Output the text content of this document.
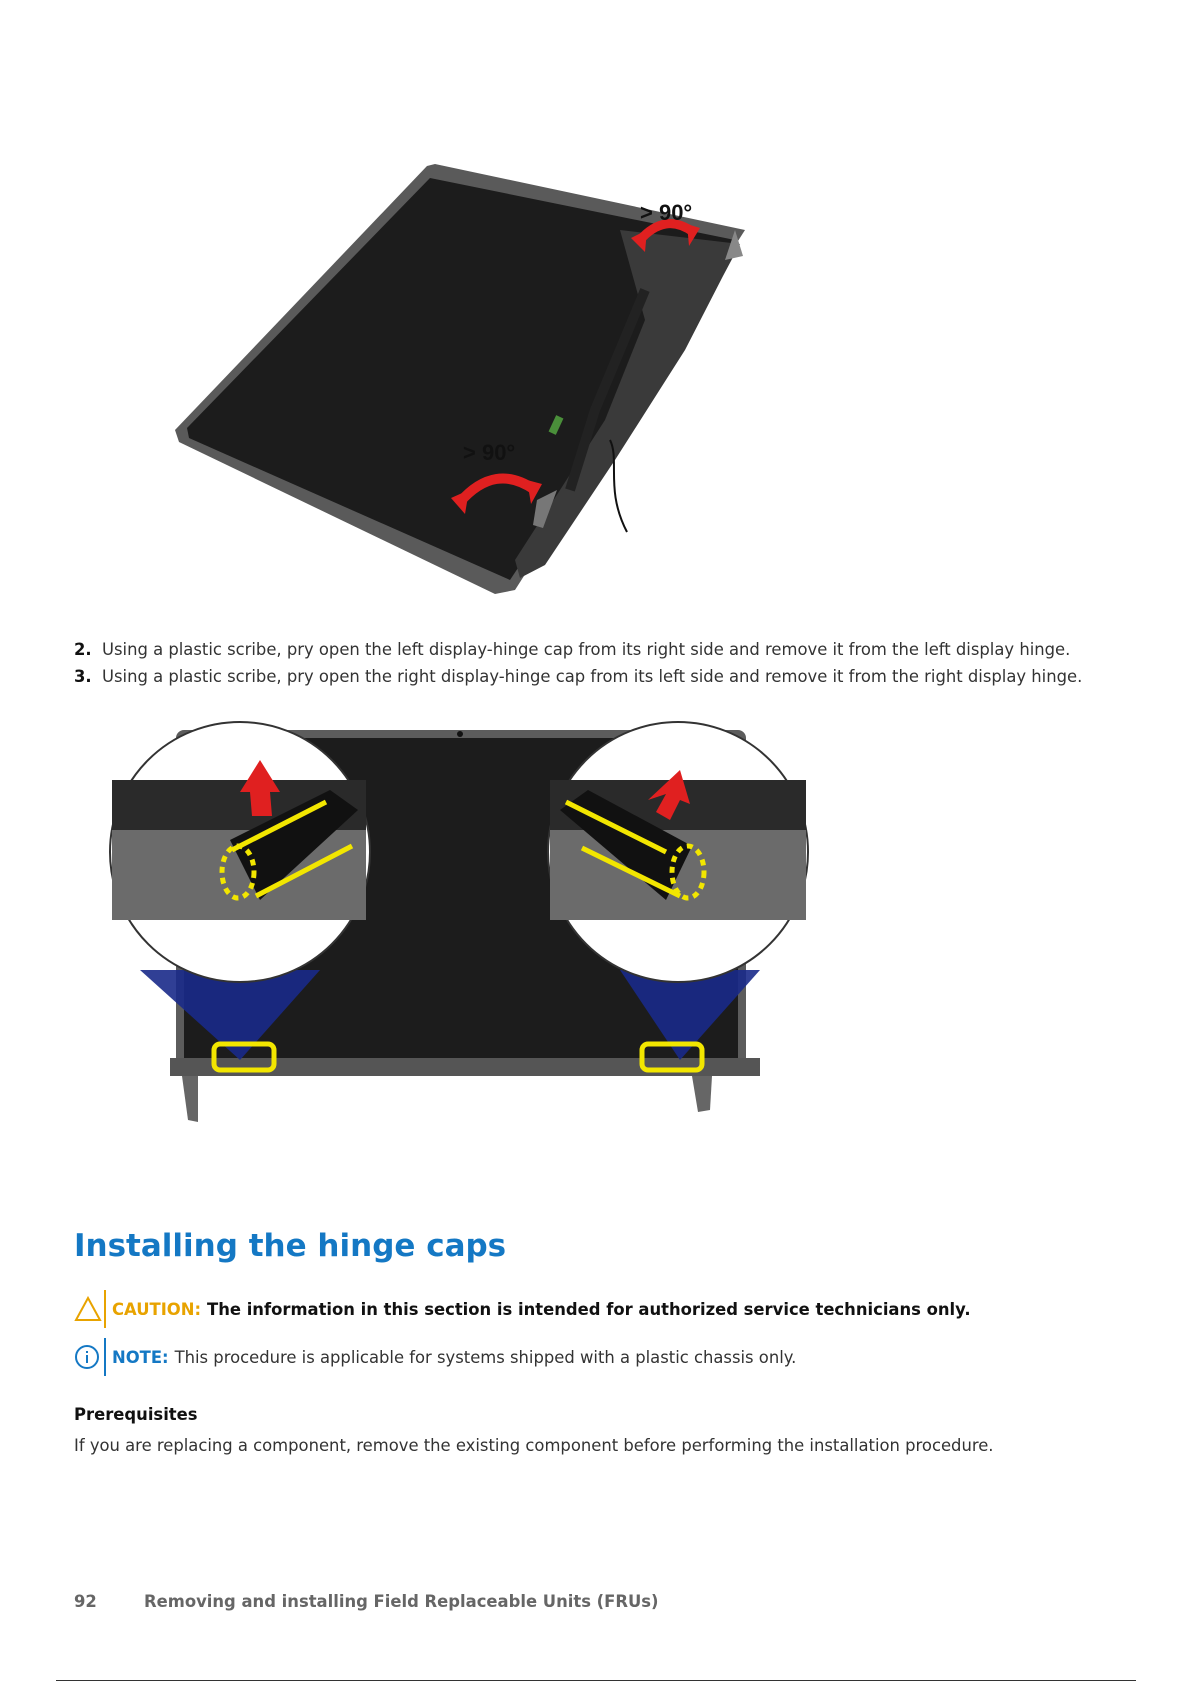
> 90°
> 90°
2. Using a plastic scribe, pry open the left display-hinge cap from its right side and remove it from the left display hinge.
3. Using a plastic scribe, pry open the right display-hinge cap from its left side and remove it from the right display hinge.
Installing the hinge caps
CAUTION: The information in this section is intended for authorized service technicians only.
NOTE: This procedure is applicable for systems shipped with a plastic chassis only.
Prerequisites
If you are replacing a component, remove the existing component before performing the installation procedure.
92	Removing and installing Field Replaceable Units (FRUs)
